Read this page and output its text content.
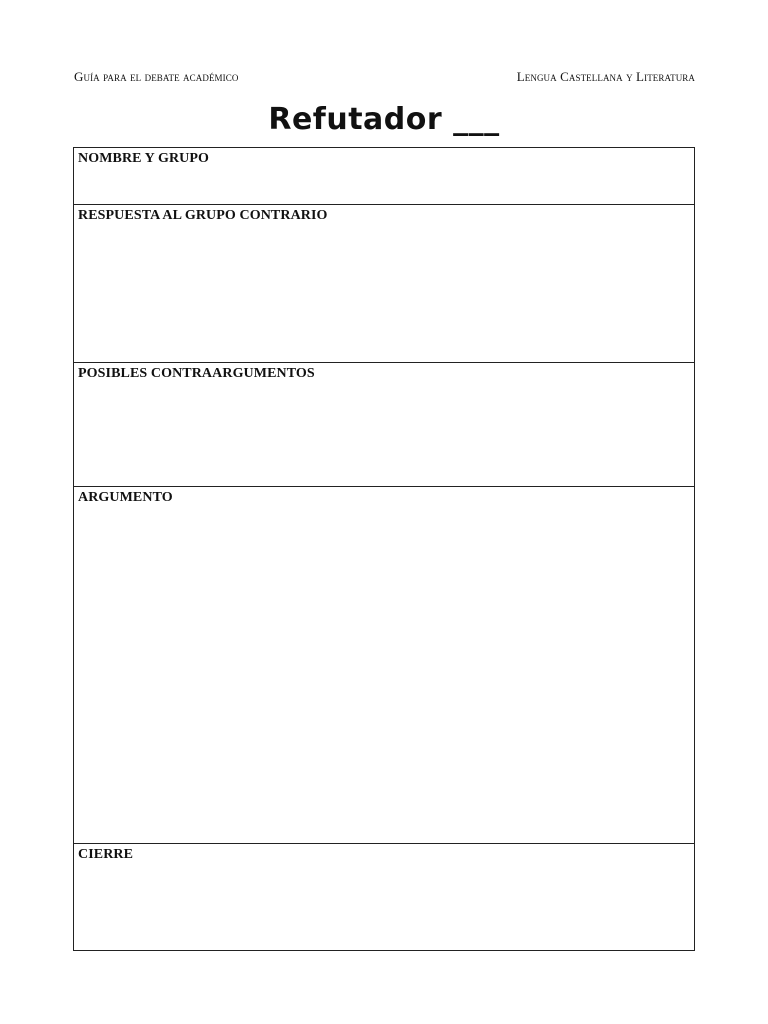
Guía para el debate académico	Lengua Castellana y Literatura
Refutador ___
NOMBRE Y GRUPO
RESPUESTA AL GRUPO CONTRARIO
POSIBLES CONTRAARGUMENTOS
ARGUMENTO
CIERRE
